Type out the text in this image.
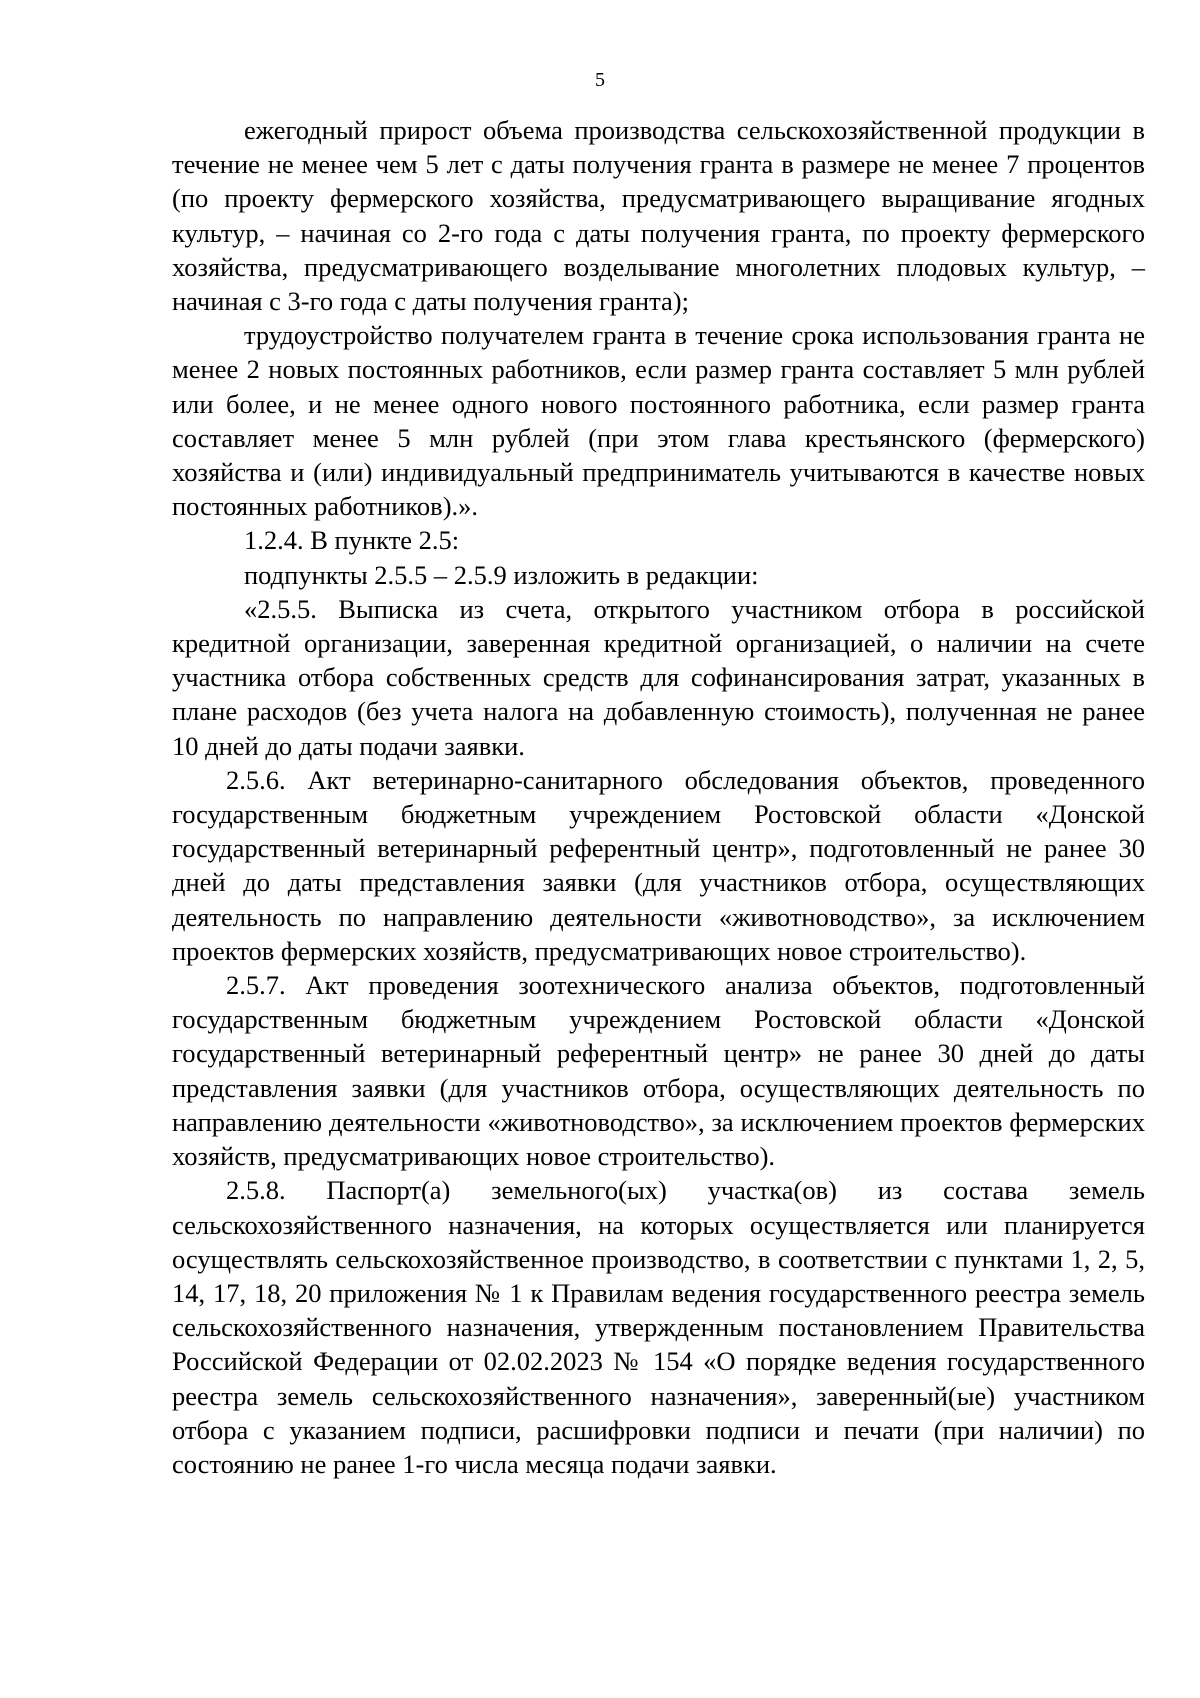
5

ежегодный прирост объема производства сельскохозяйственной продукции в течение не менее чем 5 лет с даты получения гранта в размере не менее 7 процентов (по проекту фермерского хозяйства, предусматривающего выращивание ягодных культур, – начиная со 2-го года с даты получения гранта, по проекту фермерского хозяйства, предусматривающего возделывание многолетних плодовых культур, – начиная с 3-го года с даты получения гранта);

трудоустройство получателем гранта в течение срока использования гранта не менее 2 новых постоянных работников, если размер гранта составляет 5 млн рублей или более, и не менее одного нового постоянного работника, если размер гранта составляет менее 5 млн рублей (при этом глава крестьянского (фермерского) хозяйства и (или) индивидуальный предприниматель учитываются в качестве новых постоянных работников).».

1.2.4. В пункте 2.5:

подпункты 2.5.5 – 2.5.9 изложить в редакции:

«2.5.5. Выписка из счета, открытого участником отбора в российской кредитной организации, заверенная кредитной организацией, о наличии на счете участника отбора собственных средств для софинансирования затрат, указанных в плане расходов (без учета налога на добавленную стоимость), полученная не ранее 10 дней до даты подачи заявки.

2.5.6. Акт ветеринарно-санитарного обследования объектов, проведенного государственным бюджетным учреждением Ростовской области «Донской государственный ветеринарный референтный центр», подготовленный не ранее 30 дней до даты представления заявки (для участников отбора, осуществляющих деятельность по направлению деятельности «животноводство», за исключением проектов фермерских хозяйств, предусматривающих новое строительство).

2.5.7. Акт проведения зоотехнического анализа объектов, подготовленный государственным бюджетным учреждением Ростовской области «Донской государственный ветеринарный референтный центр» не ранее 30 дней до даты представления заявки (для участников отбора, осуществляющих деятельность по направлению деятельности «животноводство», за исключением проектов фермерских хозяйств, предусматривающих новое строительство).

2.5.8. Паспорт(а) земельного(ых) участка(ов) из состава земель сельскохозяйственного назначения, на которых осуществляется или планируется осуществлять сельскохозяйственное производство, в соответствии с пунктами 1, 2, 5, 14, 17, 18, 20 приложения № 1 к Правилам ведения государственного реестра земель сельскохозяйственного назначения, утвержденным постановлением Правительства Российской Федерации от 02.02.2023 № 154 «О порядке ведения государственного реестра земель сельскохозяйственного назначения», заверенный(ые) участником отбора с указанием подписи, расшифровки подписи и печати (при наличии) по состоянию не ранее 1-го числа месяца подачи заявки.
